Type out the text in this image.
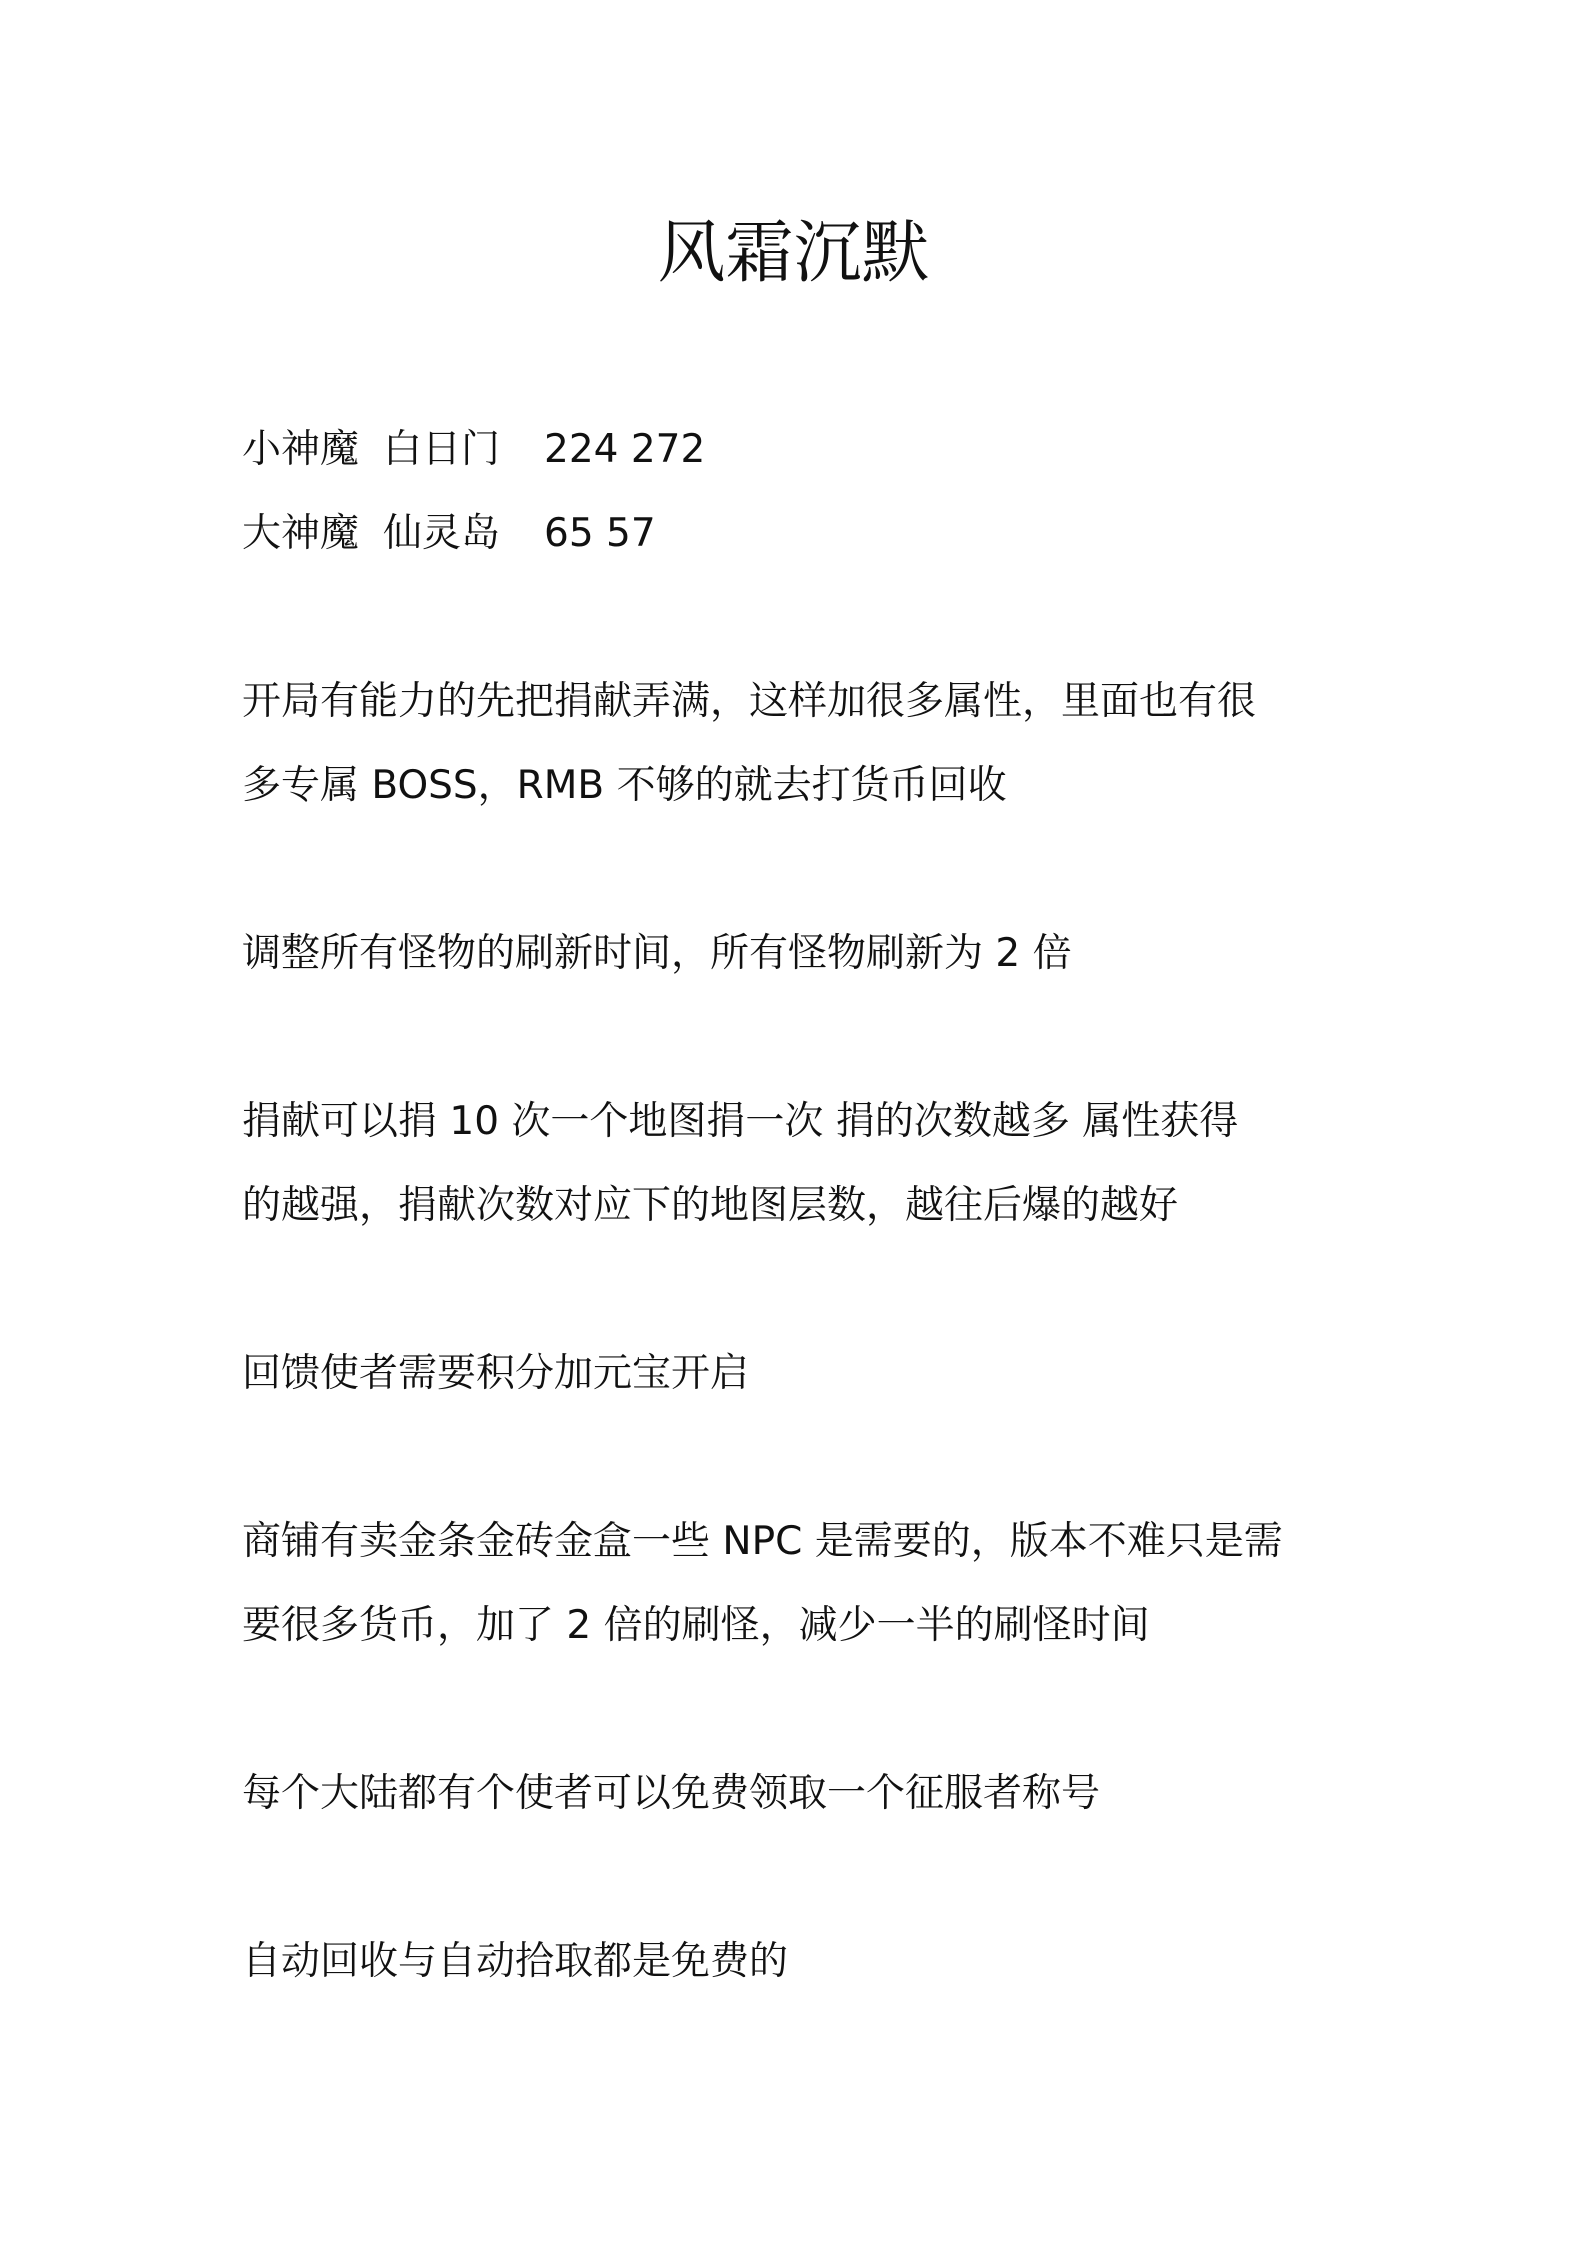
风霜沉默

小神魔 白日门 224 272

大神魔 仙灵岛 65 57

开局有能力的先把捐献弄满，这样加很多属性，里面也有很

多专属 BOSS，RMB 不够的就去打货币回收

调整所有怪物的刷新时间，所有怪物刷新为 2 倍

捐献可以捐 10 次一个地图捐一次 捐的次数越多 属性获得

的越强，捐献次数对应下的地图层数，越往后爆的越好

回馈使者需要积分加元宝开启

商铺有卖金条金砖金盒一些 NPC 是需要的，版本不难只是需

要很多货币，加了 2 倍的刷怪，减少一半的刷怪时间

每个大陆都有个使者可以免费领取一个征服者称号

自动回收与自动拾取都是免费的
